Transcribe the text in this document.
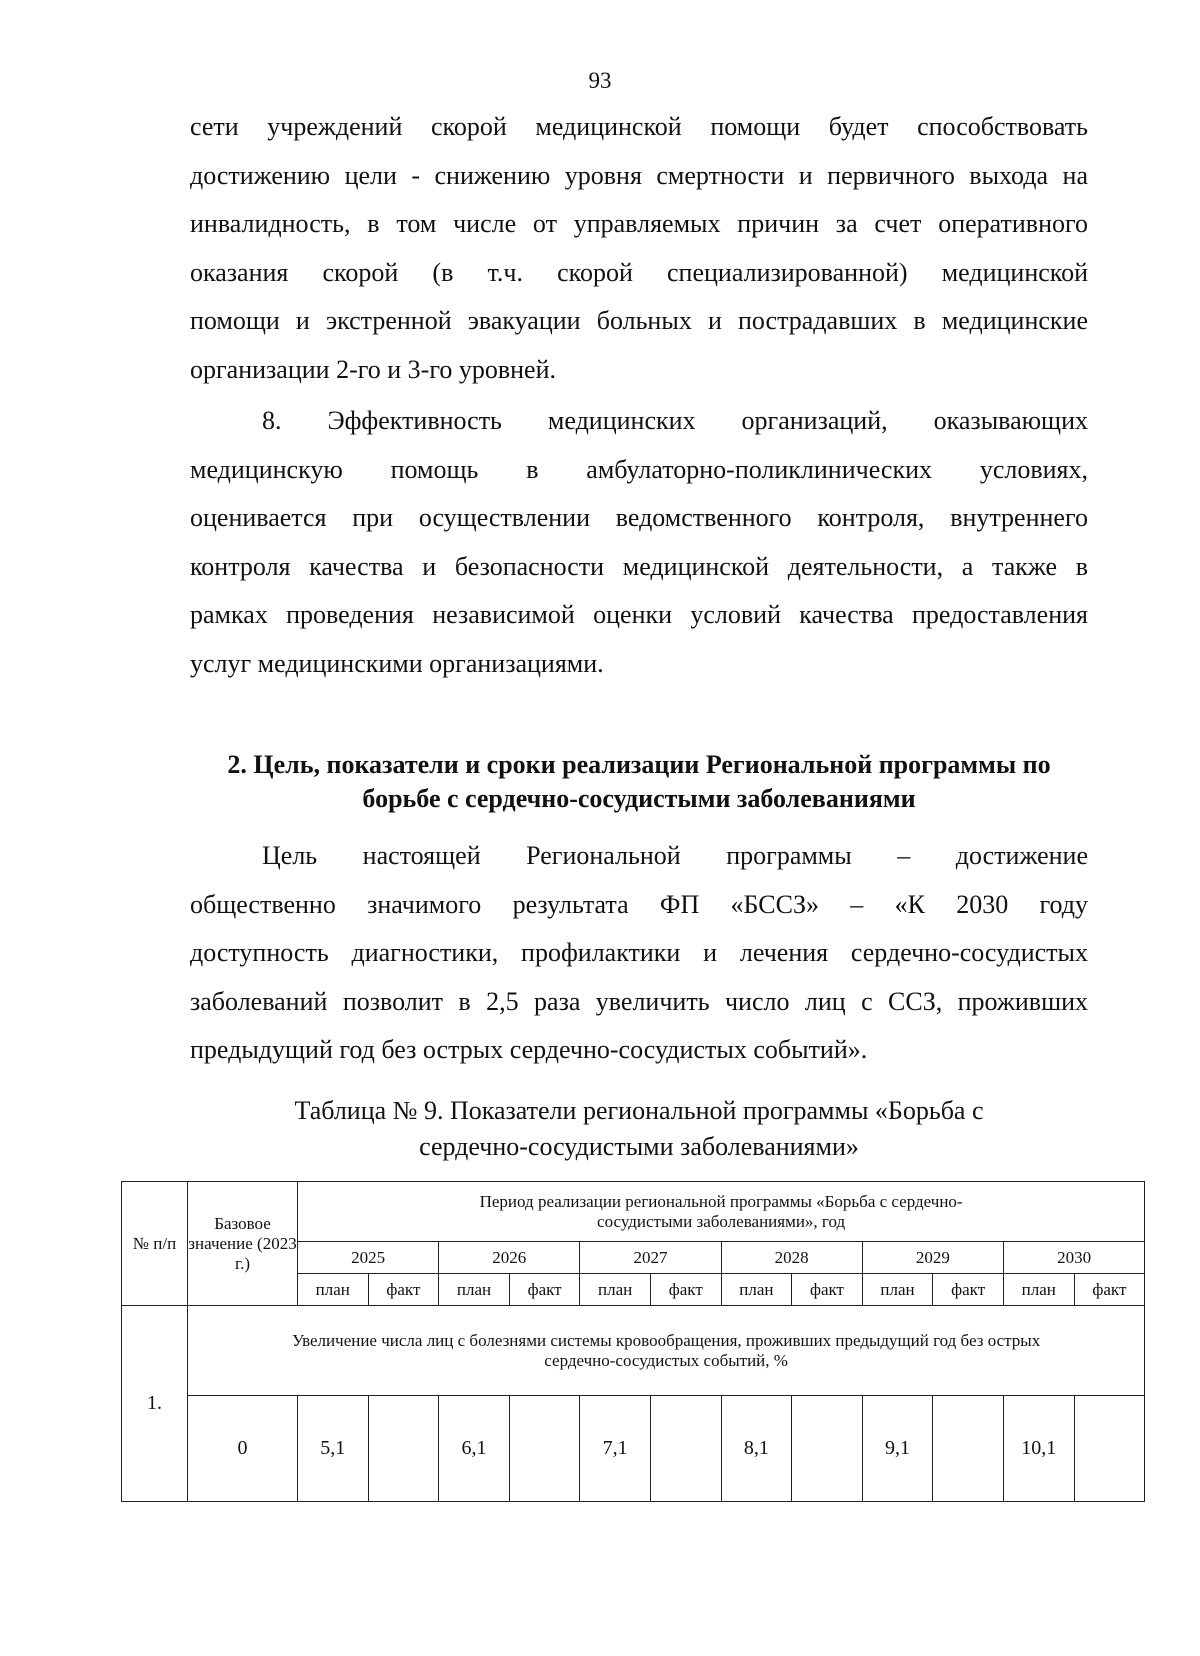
93
сети учреждений скорой медицинской помощи будет способствовать
достижению цели - снижению уровня смертности и первичного выхода на
инвалидность, в том числе от управляемых причин за счет оперативного
оказания скорой (в т.ч. скорой специализированной) медицинской
помощи и экстренной эвакуации больных и пострадавших в медицинские
организации 2-го и 3-го уровней.
8. Эффективность медицинских организаций, оказывающих
медицинскую помощь в амбулаторно-поликлинических условиях,
оценивается при осуществлении ведомственного контроля, внутреннего
контроля качества и безопасности медицинской деятельности, а также в
рамках проведения независимой оценки условий качества предоставления
услуг медицинскими организациями.
2. Цель, показатели и сроки реализации Региональной программы по
борьбе с сердечно-сосудистыми заболеваниями
Цель настоящей Региональной программы – достижение
общественно значимого результата ФП «БССЗ» – «К 2030 году
доступность диагностики, профилактики и лечения сердечно-сосудистых
заболеваний позволит в 2,5 раза увеличить число лиц с ССЗ, проживших
предыдущий год без острых сердечно-сосудистых событий».
Таблица № 9. Показатели региональной программы «Борьба с
сердечно-сосудистыми заболеваниями»
№ п/п	Базовое значение (2023 г.)	Период реализации региональной программы «Борьба с сердечно-сосудистыми заболеваниями», год											
		2025		2026		2027		2028		2029		2030	
		план	факт	план	факт	план	факт	план	факт	план	факт	план	факт
1.	Увеличение числа лиц с болезнями системы кровообращения, проживших предыдущий год без острых сердечно-сосудистых событий, %												
	0	5,1		6,1		7,1		8,1		9,1		10,1	
